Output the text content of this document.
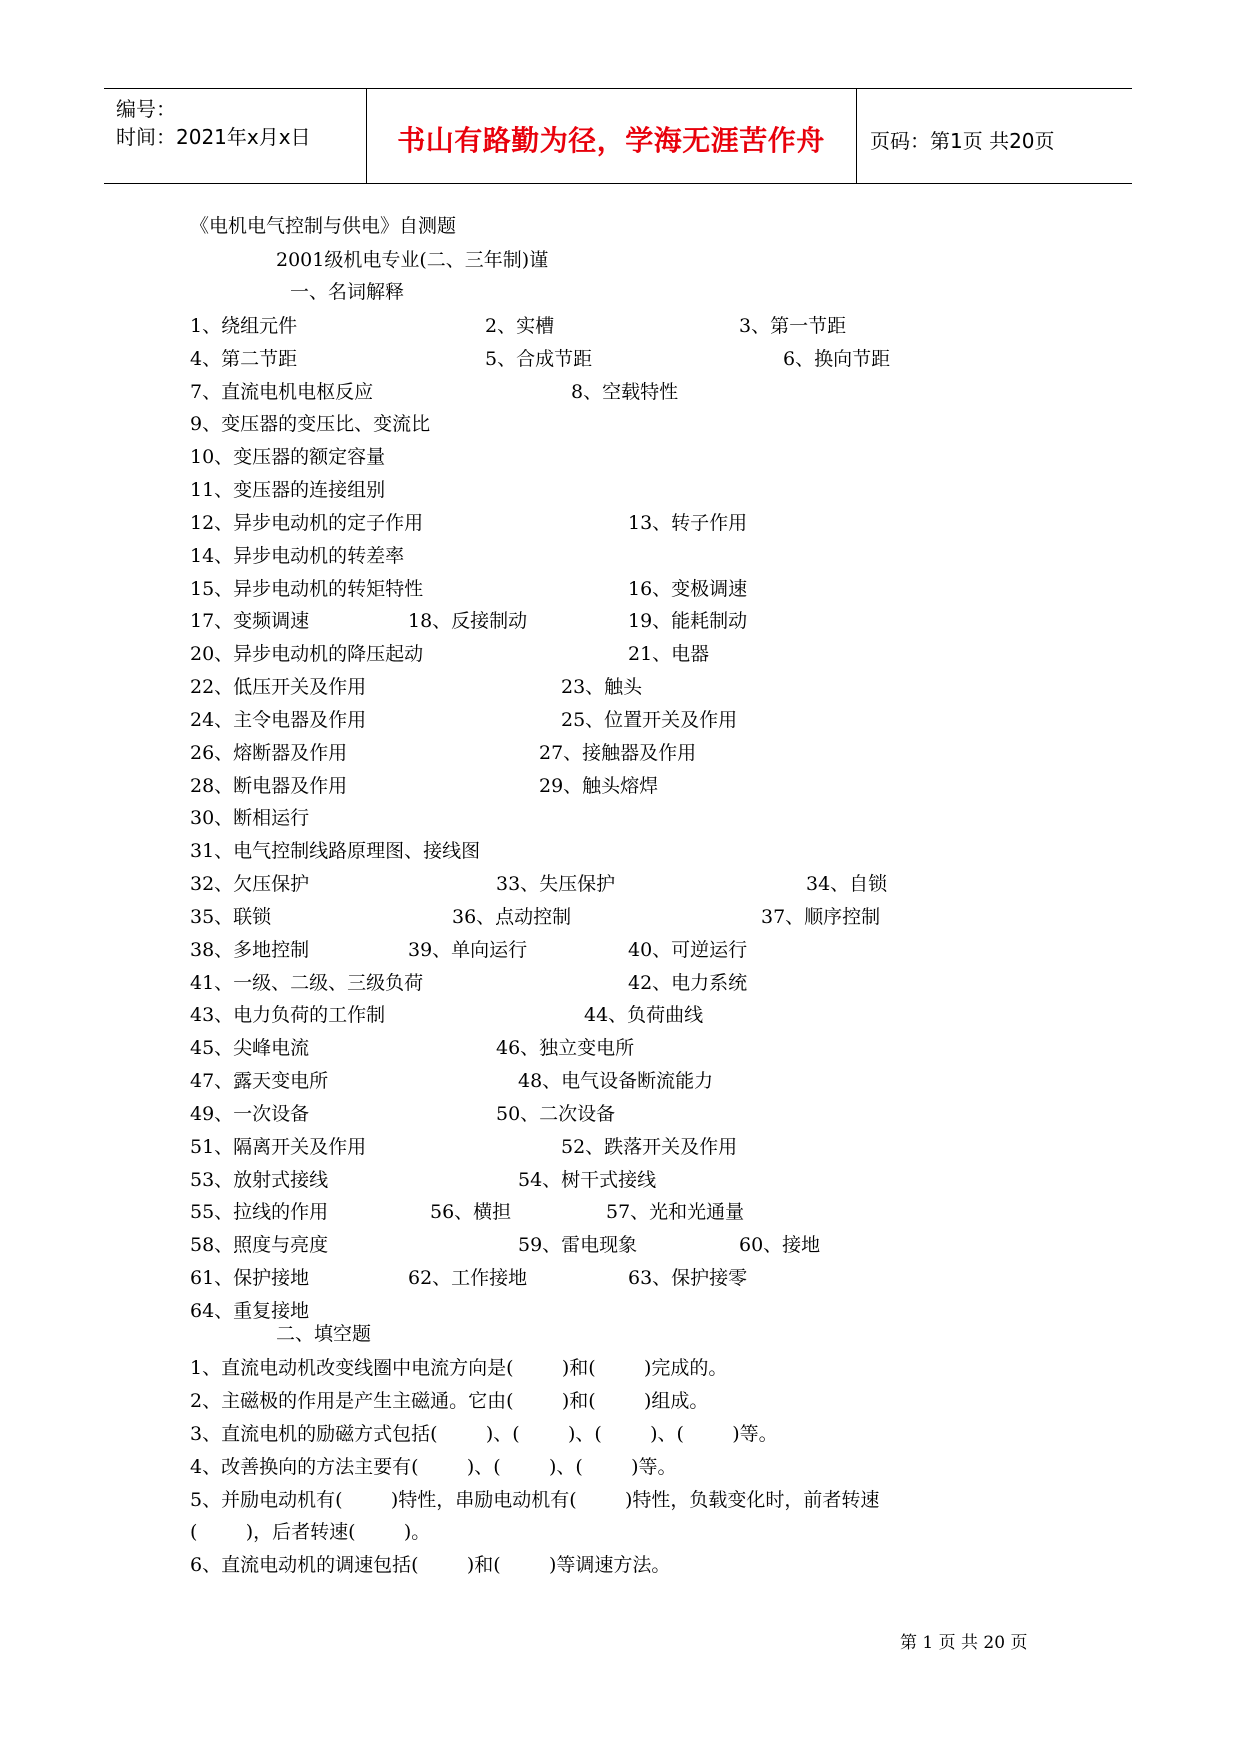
编号：
时间：2021年x月x日	书山有路勤为径，学海无涯苦作舟	页码：第1页 共20页
《电机电气控制与供电》自测题
2001级机电专业(二、三年制)谨
一、名词解释
二、填空题
第 1 页 共 20 页
1、绕组元件	2、实槽	3、第一节距
4、第二节距	5、合成节距	6、换向节距
7、直流电机电枢反应	8、空载特性
9、变压器的变压比、变流比
10、变压器的额定容量
11、变压器的连接组别
12、异步电动机的定子作用	13、转子作用
14、异步电动机的转差率
15、异步电动机的转矩特性	16、变极调速
17、变频调速	18、反接制动	19、能耗制动
20、异步电动机的降压起动	21、电器
22、低压开关及作用	23、触头
24、主令电器及作用	25、位置开关及作用
26、熔断器及作用	27、接触器及作用
28、断电器及作用	29、触头熔焊
30、断相运行
31、电气控制线路原理图、接线图
32、欠压保护	33、失压保护	34、自锁
35、联锁	36、点动控制	37、顺序控制
38、多地控制	39、单向运行	40、可逆运行
41、一级、二级、三级负荷	42、电力系统
43、电力负荷的工作制	44、负荷曲线
45、尖峰电流	46、独立变电所
47、露天变电所	48、电气设备断流能力
49、一次设备	50、二次设备
51、隔离开关及作用	52、跌落开关及作用
53、放射式接线	54、树干式接线
55、拉线的作用	56、横担	57、光和光通量
58、照度与亮度	59、雷电现象	60、接地
61、保护接地	62、工作接地	63、保护接零
64、重复接地
1、直流电动机改变线圈中电流方向是(        )和(        )完成的。
2、主磁极的作用是产生主磁通。它由(        )和(        )组成。
3、直流电机的励磁方式包括(        )、(        )、(        )、(        )等。
4、改善换向的方法主要有(        )、(        )、(        )等。
5、并励电动机有(        )特性，串励电动机有(        )特性，负载变化时，前者转速
(        )，后者转速(        )。
6、直流电动机的调速包括(        )和(        )等调速方法。
